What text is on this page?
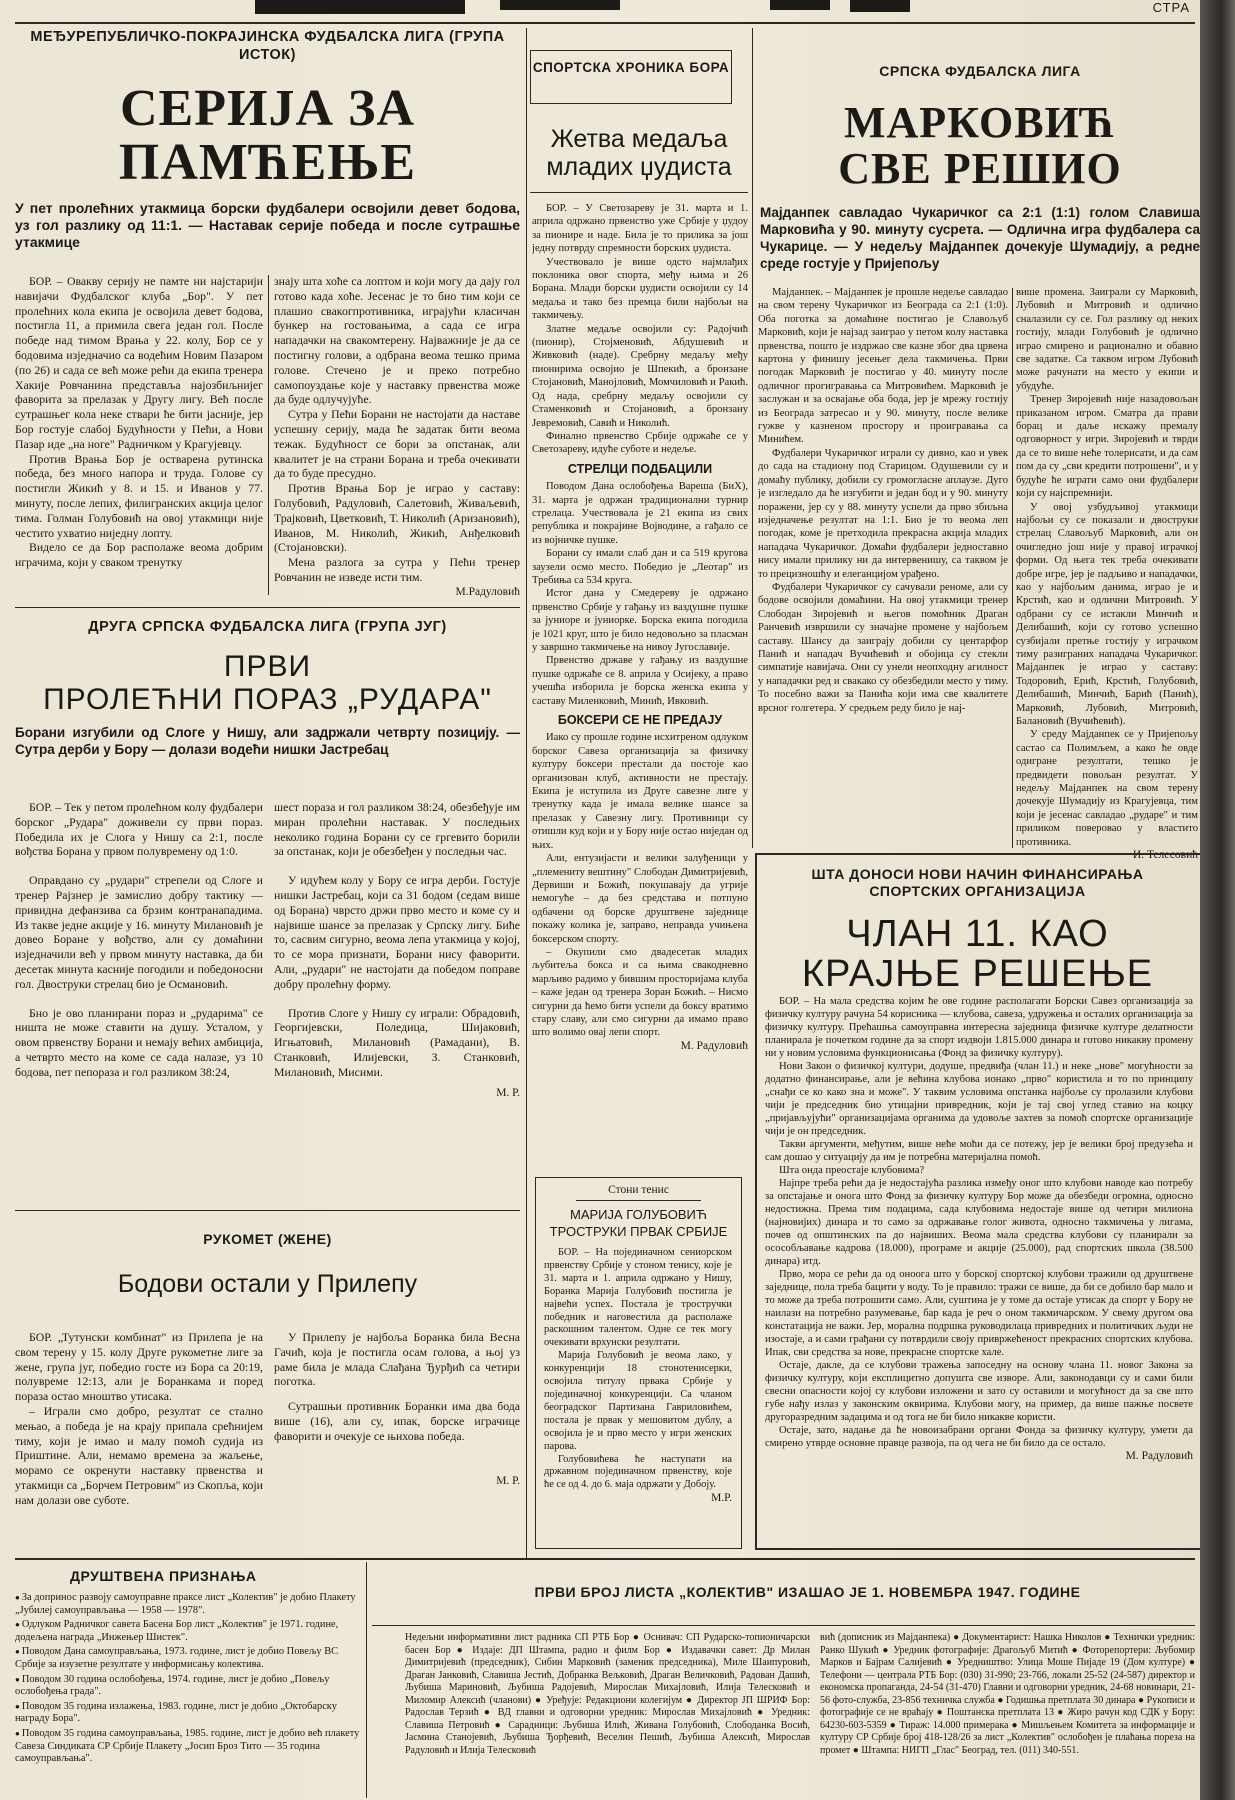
СТРА
МЕЂУРЕПУБЛИЧКО-ПОКРАЈИНСКА ФУДБАЛСКА ЛИГА (ГРУПА ИСТОК)
СЕРИЈА ЗА
ПАМЋЕЊЕ
У пет пролећних утакмица борски фудбалери освојили девет бодова, уз гол разлику од 11:1. — Наставак серије победа и после сутрашње утакмице

БОР. – Овакву серију не памте ни најстарији навијачи Фудбалског клуба „Бор". У пет пролећних кола екипа је освојила девет бодова, постигла 11, а примила свега један гол. После победе над тимом Врања у 22. колу, Бор се у бодовима изједначио са водећим Новим Пазаром (по 26) и сада се већ може рећи да екипа тренера Хакије Ровчанина представља најозбиљнијег фаворита за прелазак у Другу лигу. Већ после сутрашњег кола неке ствари ће бити јасније, јер Бор гостује слабој Будућности у Пећи, а Нови Пазар иде „на ноге" Радничком у Крагујевцу.

Против Врања Бор је остварена рутинска победа, без много напора и труда. Голове су постигли Жикић у 8. и 15. и Иванов у 77. минуту, после лепих, филигранских акција целог тима. Голман Голубовић на овој утакмици није честито ухватио ниједну лопту.

Видело се да Бор располаже веома добрим играчима, који у сваком тренутку

знају шта хоће са лоптом и који могу да дају гол готово када хоће. Јесенас је то био тим који се плашио свакогпротивника, играјући класичан бункер на гостовањима, а сада се игра нападачки на свакомтерену. Најважније је да се постигну голови, а одбрана веома тешко прима голове. Стечено је и преко потребно самопоуздање које у наставку првенства може да буде одлучујуће.

Сутра у Пећи Борани не настојати да наставе успешну серију, мада ће задатак бити веома тежак. Будућност се бори за опстанак, али квалитет је на страни Борана и треба очекивати да то буде пресудно.

Против Врања Бор је играо у саставу: Голубовић, Радуловић, Салетовић, Живаљевић, Трајковић, Цветковић, Т. Николић (Аризановић), Иванов, М. Николић, Жикић, Анђелковић (Стојановски).

Мена разлога за сутра у Пећи тренер Ровчанин не изведе исти тим.

М.Радуловић
ДРУГА СРПСКА ФУДБАЛСКА ЛИГА (ГРУПА ЈУГ)
ПРВИ
ПРОЛЕЋНИ ПОРАЗ „РУДАРА"
Борани изгубили од Слоге у Нишу, али задржали четврту позицију. — Сутра дерби у Бору — долази водећи нишки Јастребац

БОР. – Тек у петом пролећном колу фудбалери борског „Рудара" доживели су први пораз. Победила их је Слога у Нишу са 2:1, после вођства Борана у првом полувремену од 1:0.

Оправдано су „рудари" стрепели од Слоге и тренер Рајзнер је замислио добру тактику — привидна дефанзива са брзим контранападима. Из такве једне акције у 16. минуту Милановић је довео Боране у вођство, али су домаћини изједначили већ у првом минуту наставка, да би десетак минута касније погодили и победоносни гол. Двоструки стрелац био је Османовић.

Бно је ово планирани пораз и „рударима" се ништа не може ставити на душу. Усталом, у овом првенству Борани и немају већих амбиција, а четврто место на коме се сада налазе, уз 10 бодова, пет пепорaза и гол разликом 38:24,

шест пораза и гол разликом 38:24, обезбеђује им миран пролећни наставак. У последњих неколико година Борани су се гргевито борили за опстанак, који је обезбеђен у последњи час.

У идућем колу у Бору се игра дерби. Гостује нишки Јастребац, који са 31 бодом (седам више од Борана) чврсто држи прво место и коме су и највише шансе за прелазак у Српску лигу. Биће то, сасвим сигурно, веома лепа утакмица у којој, то се мора признати, Борани нису фаворити. Али, „рудари" не настојати да победом поправе добру пролећну форму.

Против Слоге у Нишу су играли: Обрадовић, Георгијевски, Поледица, Шијаковић, Игњатовић, Милановић (Рамадани), В. Станковић, Илијевски, З. Станковић, Милановић, Мисими.

М. Р.
РУКОМЕТ (ЖЕНЕ)
Бодови остали у Прилепу

БОР. „Тутунски комбинат" из Прилепа је на свом терену у 15. колу Друге рукометне лиге за жене, група југ, победио госте из Бора са 20:19, полувреме 12:13, али је Боранкама и поред пораза остао мноштво утисака.

– Играли смо добро, резултат се стално мењао, а победа је на крају припала срећнијем тиму, који је имао и малу помоћ судија из Приштине. Али, немамо времена за жаљење, морамо се окренути наставку првенства и утакмици са „Борчем Петровим" из Скопља, који нам долази ове суботе.

У Прилепу је најбоља Боранка била Весна Гачић, која је постигла осам голова, а њој уз раме била је млада Слађана Ђурђић са четири поготка.

Сутрашњи противник Боранки има два бода више (16), али су, ипак, борске играчице фаворити и очекује се њихова победа.

М. Р.
СПОРТСКА ХРОНИКА БОРА
Жетва медаља
младих џудиста

БОР. – У Светозареву је 31. марта и 1. априла одржано првенство уже Србије у џудоу за пионире и наде. Била је то прилика за још једну потврду спремности борских џудиста.

Учествовало је више одсто најмлађих поклоника овог спорта, међу њима и 26 Борана. Млади борски џудисти освојили су 14 медаља и тако без премца били најбољи на такмичењу.

Златне медаље освојили су: Радојчић (пионир), Стојменовић, Абдушевић и Живковић (наде). Сребрну медаљу међу пионирима освојио је Шпекић, а бронзане Стојановић, Манојловић, Момчиловић и Ракић. Од нада, сребрну медаљу освојили су Стаменковић и Стојановић, а бронзану Јевремовић, Савић и Николић.

Финално првенство Србије одржаће се у Светозареву, идуће суботе и недеље.

СТРЕЛЦИ ПОДБАЦИЛИ

Поводом Дана ослобођења Вареша (БиХ), 31. марта је одржан традиционални турнир стрелаца. Учествовала је 21 екипа из свих република и покрајине Војводине, а гађало се из војничке пушке.

Борани су имали слаб дан и са 519 кругова заузели осмо место. Победио је „Леотар" из Требиња са 534 круга.

Истог дана у Смедереву је одржано првенство Србије у гађању из ваздушне пушке за јуниоре и јуниорке. Борска екипа погодила је 1021 круг, што је било недовољно за пласман у завршно такмичење на нивоу Југославије.

Првенство државе у гађању из ваздушне пушке одржаће се 8. априла у Осијеку, а право учешћа изборила је борска женска екипа у саставу Миленковић, Минић, Ивковић.

БОКСЕРИ СЕ НЕ ПРЕДАЈУ

Иако су прошле године исхитреном одлуком борског Савеза организација за физичку културу боксери престали да постоје као организован клуб, активности не престају. Екипа је иступила из Друге савезне лиге у тренутку када је имала велике шансе за прелазак у Савезну лигу. Противници су отишли куд који и у Бору није остао ниједан од њих.

Али, ентузијасти и велики залуђеници у „племениту вештину" Слободан Димитријевић, Дервиши и Божић, покушавају да угрије немогуће – да без средстава и потпуно одбачени од борске друштвене заједнице покажу колика је, заправо, неправда учињена боксерском спорту.

– Окупили смо двадесетак младих љубитеља бокса и са њима свакодневно марљиво радимо у бившим просторијама клуба – каже један од тренера Зоран Божић. – Нисмо сигурни да ћемо бити успели да боксу вратимо стару славу, али смо сигурни да имамо право што волимо овај лепи спорт.

М. Радуловић
Стони тенис
МАРИЈА ГОЛУБОВИЋ
ТРОСТРУКИ ПРВАК СРБИЈЕ

БОР. – На појединачном сениорском првенству Србије у стоном тенису, које је 31. марта и 1. априла одржано у Нишу, Боранка Марија Голубовић постигла је највећи успех. Постала је тростручки победник и наговестила да располаже раскошним талентом. Одне се тек могу очекивати врхунски резултати.

Марија Голубовић је веома лако, у конкуренцији 18 стонотенисерки, освојила титулу првака Србије у појединачној конкуренцији. Са чланом београдског Партизана Гавриловићем, постала је првак у мешовитом дублу, а освојила је и прво место у игри женских парова.

Голубовићева ће наступати на државном појединачном првенству, које ће се од 4. до 6. маја одржати у Добоју.

М.Р.
СРПСКА ФУДБАЛСКА ЛИГА
МАРКОВИЋ
СВЕ РЕШИО
Мајданпек савладао Чукаричког са 2:1 (1:1) голом Славиша Марковића у 90. минуту сусрета. — Одлична игра фудбалера са Чукарице. — У недељу Мајданпек дочекује Шумадију, а редне среде гостује у Пријепољу

Мајданпек. – Мајданпек је прошле недеље савладао на свом терену Чукаричког из Београда са 2:1 (1:0). Оба поготка за домаћине постигао је Славољуб Марковић, који је наjзад заиграо у петом колу наставка првенства, пошто је издржао све казне због два црвена картона у финишу јесењег дела такмичења. Први погодак Марковић је постигао у 40. минуту после одличног прогигравања са Митровићем. Марковић је заслужан и за освајање оба бода, јер је мрежу гостију из Београда затресао и у 90. минуту, после велике гужве у казненом простору и проигравања са Минићем.

Фудбалери Чукаричког играли су дивно, као и увек до сада на стадиону под Старицом. Одушевили су и домаћу публику, добили су громогласне аплаузе. Дуго је изгледало да ће изгубити и један бод и у 90. минуту поражени, јер су у 88. минуту успели да прво збиљна изједначење резултат на 1:1. Био је то веома леп погодак, коме је претходила прекрасна акција младих нападача Чукаричког. Домаћи фудбалери једноставно нису имали прилику ни да интервенишу, са таквом је то прецизношћу и елеганцијом урађено.

Фудбалери Чукаричког су сачували реноме, али су бодове освојили домаћини. На овој утакмици тренер Слободан Зиројевић и његов помоћник Драган Ранчевић извршили су значајне промене у најбољем саставу. Шансу да заиграју добили су центарфор Панић и нападач Вучићевић и обојица су стекли симпатије навијача. Они су унели неопходну агилност у нападачки ред и свакако су обезбедили место у тиму. То посебно важи за Панића који има све квалитете врсног голгетера. У средњем реду било је нај-

више промена. Заиграли су Марковић, Лубовић и Митровић и одлично сналазили су се. Гол разлику од неких гостију, млади Голубовић је одлично играо смирено и рационално и обавио све задатке. Са таквом игром Лубовић може рачунати на место у екипи и убудуће.

Тренер Зиројевић није назадовољан приказаном игром. Сматра да прави борац и даље искажу премалу одговорност у игри. Зиројевић и тврди да се то више неће толерисати, и да сам пом да су „сви кредити потрошени", и у будуће ће играти само они фудбалери који су најспремнији.

У овој узбудљивој утакмици најбољи су се показали и двоструки стрелац Славољуб Марковић, али он очигледно још није у правој играчкој форми. Од њега тек треба очекивати добре игре, јер је падљиво и нападачки, као у најбољим данима, играо је и Крстић, као и одлични Митровић. У одбрани су се истакли Минчић и Делибашић, који су готово успешно сузбијали претње гостију у играчком тиму разиграних нападача Чукаричког. Мајданпек је играо у саставу: Тодоровић, Ерић, Крстић, Голубовић, Делибашић, Минчић, Барић (Панић), Марковић, Лубовић, Митровић, Балановић (Вучићевић).

У среду Мајданпек се у Пријепољу састао са Полимљем, а како ће овде одигране резултати, тешко је предвидети повољан резултат. У недељу Мајданпек на свом терену дочекује Шумадију из Крагујевца, тим који је јесенас савладао „рударе" и тим приликом поверовао у властито противника.

И. Телесовић
ШТА ДОНОСИ НОВИ НАЧИН ФИНАНСИРАЊА СПОРТСКИХ ОРГАНИЗАЦИЈА
ЧЛАН 11. КАО
КРАЈЊЕ РЕШЕЊЕ

БОР. – На мала средства којим ће ове године располагати Борски Савез организација за физичку културу рачуна 54 корисника — клубова, савеза, удружења и осталих организација за физичку културу. Прећашња самоуправна интересна заједница физичке културе делатности планирала је почетком године да за спорт издвоји 1.815.000 динара и готово никакву промену ни у новим условима функционисања (Фонд за физичку културу).

Нови Закон о физичкој култури, додуше, предвиђа (члан 11.) и неке „нове" могућности за додатно финансирање, али је већина клубова ионако „прво" користила и то по принципу „снађи се ко како зна и може". У таквим условима опстанка најбоље су пролазили клубови чији је председник био утицајни привредник, који је тај свој углед ставио на коцку „пријављујући" организацијама органима да удовоље захтев за помоћ спортске организације чији је он председник.

Такви аргументи, међутим, више неће моћи да се потежу, јер је велики број предузећа и сам дошао у ситуацију да им је потребна материјална помоћ.

Шта онда преостаје клубовима?

Најпре треба рећи да је недостајућа разлика између оног што клубови наводе као потребу за опстајање и онога што Фонд за физичку културу Бор може да обезбеди огромна, односно недостижна. Према тим подацима, сада клубовима недостаје више од четири милиона (најновијих) динара и то само за одржавање голог живота, односно такмичења у лигама, почев од општинских па до највиших. Веома мала средства клубови су планирали за осособљавање кадрова (18.000), програме и акције (25.000), рад спортских школа (38.500 динара) итд.

Прво, мора се рећи да од оноога што у борској спортској клубови тражили од друштвене заједнице, пола треба бацити у воду. То је правило: тражи се више, да би се добило бар мало и то може да треба потрошити само. Али, суштина је у томе да остаје утисак да спорт у Бору не наилази на потребно разумевање, бар када је реч о оном такмичарском. У свему другом ова констатација не важи. Јер, морална подршка руководилаца привредних и политичких људи не изостаје, а и сами грађани су потврдили своју привржећеност прекрасних спортских клубова. Ипак, сви средства за нове, прекрасне спортске хале.

Остаје, дакле, да се клубови тражења запоседну на основу члана 11. новог Закона за физичку културу, који експлицитно допушта све изворе. Али, законодавци су и сами били свесни опасности којој су клубови изложени и зато су оставили и могућност да за све што губе нађу излаз у законским оквирима. Клубови могу, на пример, да више пажње посвете другоразредним задацима и од тога не би било никакве користи.

Остаје, зато, надање да ће новоизабрани органи Фонда за физичку културу, умети да смирено утврде основне правце развоја, па од чега не би било да се остало.

М. Радуловић
ДРУШТВЕНА ПРИЗНАЊА
● За допринос развоју самоуправне праксе лист „Колектив" је добио Плакету „Јубилеј самоуправљања — 1958 — 1978".
● Одлуком Радничког савета Басена Бор лист „Колектив" је 1971. године, додељена награда „Инжењер Шистек".
● Поводом Дана самоуправљања, 1973. године, лист је добио Повељу ВС Србије за изузетне резултате у информисању колектива.
● Поводом 30 година ослобођења, 1974. године, лист је добио „Повељу ослобођења града".
● Поводом 35 година излажења, 1983. године, лист је добио „Октобарску награду Бора".
● Поводом 35 година самоуправљања, 1985. године, лист је добио већ плакету Савеза Синдиката СР Србије Плакету „Јосип Броз Тито — 35 година самоуправљања".
ПРВИ БРОЈ ЛИСТА „КОЛЕКТИВ" ИЗАШАО ЈЕ 1. НОВЕМБРА 1947. ГОДИНЕ

Недељни информативни лист радника СП РТБ Бор ● Оснивач: СП Рударско-топионичарски басен Бор ● Издаје: ДП Штампа, радио и филм Бор ● Издавачки савет: Др Милан Димитријевић (председник), Сибин Марковић (заменик председника), Миле Шаипуровић, Драган Јанковић, Славиша Јестић, Добранка Вељковић, Драган Величковић, Радован Дашић, Љубиша Мариновић, Љубиша Радојевић, Мирослав Михајловић, Илија Телесковић и Миломир Алексић (чланови) ● Уређује: Редакциони колегијум ● Директор ЈП ШРИФ Бор: Радослав Терзић ● ВД главни и одговорни уредник: Мирослав Михајловић ● Уредник: Славиша Петровић ● Сарадници: Љубиша Илић, Живана Голубовић, Слободанка Восић, Јасмина Станојевић, Љубиша Ђорђевић, Веселин Пешић, Љубиша Алексић, Мирослав Радуловић и Илија Телесковић

вић (дописник из Мајданпека) ● Документарист: Нашка Николов ● Технички уредник: Ранко Шукић ● Уредник фотографије: Драгољуб Митић ● Фоторепортери: Љубомир Марков и Бајрам Салијевић ● Уредништво: Улица Моше Пијаде 19 (Дом културе) ● Телефони — централа РТБ Бор: (030) 31-990; 23-766, локали 25-52 (24-587) директор и економска пропаганда, 24-54 (31-470) Главни и одговорни уредник, 24-68 новинари, 21-56 фото-служба, 23-856 техничка служба ● Годишња претплата 30 динара ● Рукописи и фотографије се не враћају ● Поштанска претплата 13 ● Жиро рачун код СДК у Бору: 64230-603-5359 ● Тираж: 14.000 примерака ● Мишљењем Комитета за информације и културу СР Србије број 418-128/26 за лист „Колектив" ослобођен је плаћања пореза на промет ● Штампа: НИГП „Глас" Београд, тел. (011) 340-551.
